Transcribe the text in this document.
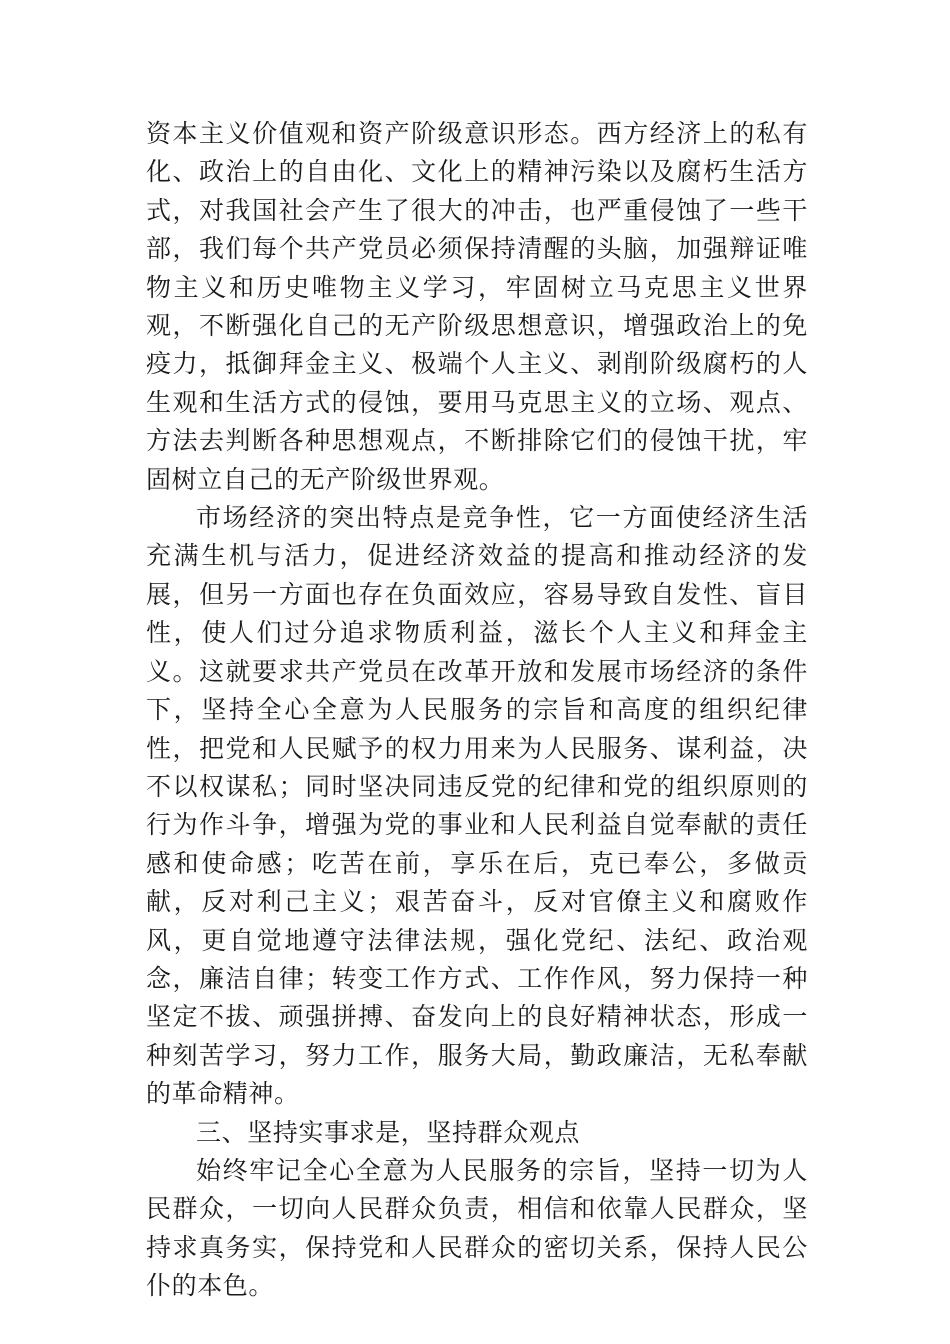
资本主义价值观和资产阶级意识形态。西方经济上的私有化、政治上的自由化、文化上的精神污染以及腐朽生活方式，对我国社会产生了很大的冲击，也严重侵蚀了一些干部，我们每个共产党员必须保持清醒的头脑，加强辩证唯物主义和历史唯物主义学习，牢固树立马克思主义世界观，不断强化自己的无产阶级思想意识，增强政治上的免疫力，抵御拜金主义、极端个人主义、剥削阶级腐朽的人生观和生活方式的侵蚀，要用马克思主义的立场、观点、方法去判断各种思想观点，不断排除它们的侵蚀干扰，牢固树立自己的无产阶级世界观。

市场经济的突出特点是竞争性，它一方面使经济生活充满生机与活力，促进经济效益的提高和推动经济的发展，但另一方面也存在负面效应，容易导致自发性、盲目性，使人们过分追求物质利益，滋长个人主义和拜金主义。这就要求共产党员在改革开放和发展市场经济的条件下，坚持全心全意为人民服务的宗旨和高度的组织纪律性，把党和人民赋予的权力用来为人民服务、谋利益，决不以权谋私；同时坚决同违反党的纪律和党的组织原则的行为作斗争，增强为党的事业和人民利益自觉奉献的责任感和使命感；吃苦在前，享乐在后，克已奉公，多做贡献，反对利己主义；艰苦奋斗，反对官僚主义和腐败作风，更自觉地遵守法律法规，强化党纪、法纪、政治观念，廉洁自律；转变工作方式、工作作风，努力保持一种坚定不拔、顽强拼搏、奋发向上的良好精神状态，形成一种刻苦学习，努力工作，服务大局，勤政廉洁，无私奉献的革命精神。

三、坚持实事求是，坚持群众观点

始终牢记全心全意为人民服务的宗旨，坚持一切为人民群众，一切向人民群众负责，相信和依靠人民群众，坚持求真务实，保持党和人民群众的密切关系，保持人民公仆的本色。
